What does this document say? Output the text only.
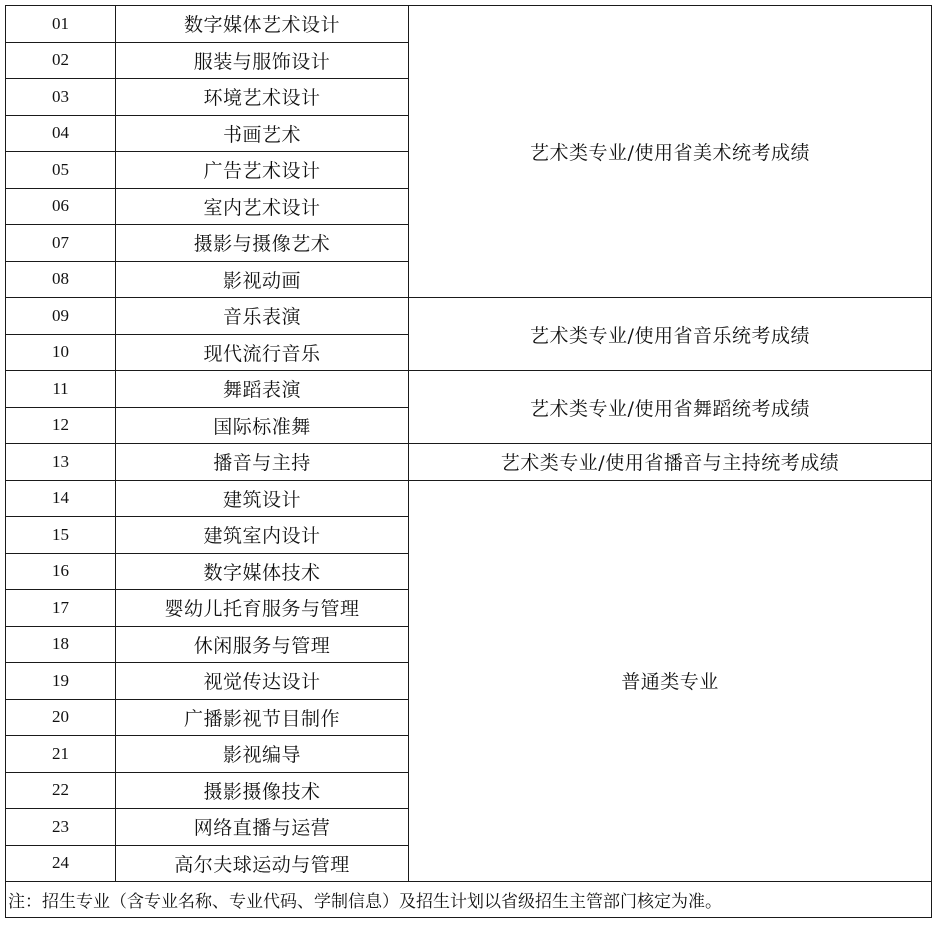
01	数字媒体艺术设计	艺术类专业/使用省美术统考成绩
02	服装与服饰设计	
03	环境艺术设计	
04	书画艺术	
05	广告艺术设计	
06	室内艺术设计	
07	摄影与摄像艺术	
08	影视动画	
09	音乐表演	艺术类专业/使用省音乐统考成绩
10	现代流行音乐	
11	舞蹈表演	艺术类专业/使用省舞蹈统考成绩
12	国际标准舞	
13	播音与主持	艺术类专业/使用省播音与主持统考成绩
14	建筑设计	普通类专业
15	建筑室内设计	
16	数字媒体技术	
17	婴幼儿托育服务与管理	
18	休闲服务与管理	
19	视觉传达设计	
20	广播影视节目制作	
21	影视编导	
22	摄影摄像技术	
23	网络直播与运营	
24	高尔夫球运动与管理	
注：招生专业（含专业名称、专业代码、学制信息）及招生计划以省级招生主管部门核定为准。		
